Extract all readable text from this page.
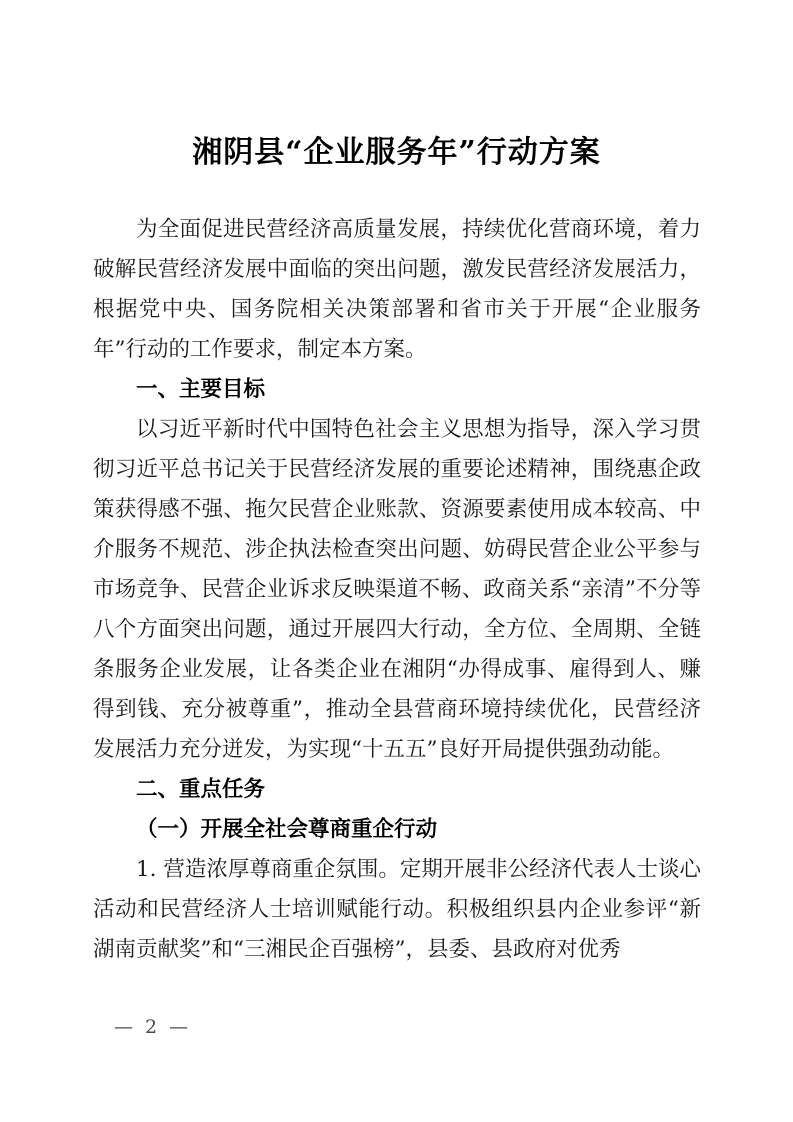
湘阴县“企业服务年”行动方案

为全面促进民营经济高质量发展，持续优化营商环境，着力破解民营经济发展中面临的突出问题，激发民营经济发展活力，根据党中央、国务院相关决策部署和省市关于开展“企业服务年”行动的工作要求，制定本方案。

一、主要目标

以习近平新时代中国特色社会主义思想为指导，深入学习贯彻习近平总书记关于民营经济发展的重要论述精神，围绕惠企政策获得感不强、拖欠民营企业账款、资源要素使用成本较高、中介服务不规范、涉企执法检查突出问题、妨碍民营企业公平参与市场竞争、民营企业诉求反映渠道不畅、政商关系“亲清”不分等八个方面突出问题，通过开展四大行动，全方位、全周期、全链条服务企业发展，让各类企业在湘阴“办得成事、雇得到人、赚得到钱、充分被尊重”，推动全县营商环境持续优化，民营经济发展活力充分迸发，为实现“十五五”良好开局提供强劲动能。

二、重点任务
（一）开展全社会尊商重企行动

1. 营造浓厚尊商重企氛围。定期开展非公经济代表人士谈心活动和民营经济人士培训赋能行动。积极组织县内企业参评“新湖南贡献奖”和“三湘民企百强榜”，县委、县政府对优秀

— 2 —
